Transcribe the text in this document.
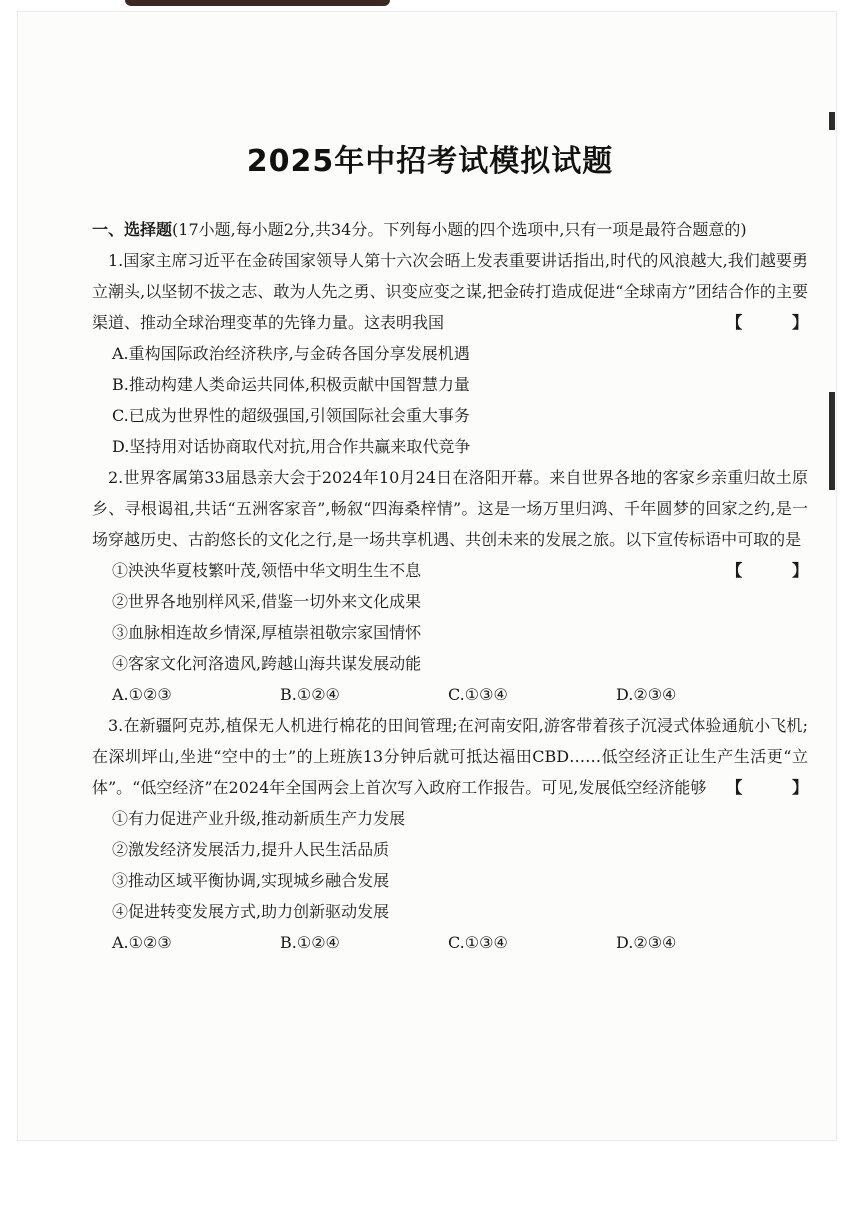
2025年中招考试模拟试题

一、选择题(17小题,每小题2分,共34分。下列每小题的四个选项中,只有一项是最符合题意的)

1.国家主席习近平在金砖国家领导人第十六次会晤上发表重要讲话指出,时代的风浪越大,我们越要勇立潮头,以坚韧不拔之志、敢为人先之勇、识变应变之谋,把金砖打造成促进“全球南方”团结合作的主要渠道、推动全球治理变革的先锋力量。这表明我国	【 】

A.重构国际政治经济秩序,与金砖各国分享发展机遇

B.推动构建人类命运共同体,积极贡献中国智慧力量

C.已成为世界性的超级强国,引领国际社会重大事务

D.坚持用对话协商取代对抗,用合作共赢来取代竞争

2.世界客属第33届恳亲大会于2024年10月24日在洛阳开幕。来自世界各地的客家乡亲重归故土原乡、寻根谒祖,共话“五洲客家音”,畅叙“四海桑梓情”。这是一场万里归鸿、千年圆梦的回家之约,是一场穿越历史、古韵悠长的文化之行,是一场共享机遇、共创未来的发展之旅。以下宣传标语中可取的是
【 】

①泱泱华夏枝繁叶茂,领悟中华文明生生不息

②世界各地别样风采,借鉴一切外来文化成果

③血脉相连故乡情深,厚植崇祖敬宗家国情怀

④客家文化河洛遗风,跨越山海共谋发展动能

A.①②③	B.①②④	C.①③④	D.②③④

3.在新疆阿克苏,植保无人机进行棉花的田间管理;在河南安阳,游客带着孩子沉浸式体验通航小飞机;在深圳坪山,坐进“空中的士”的上班族13分钟后就可抵达福田CBD……低空经济正让生产生活更“立体”。“低空经济”在2024年全国两会上首次写入政府工作报告。可见,发展低空经济能够	【 】

①有力促进产业升级,推动新质生产力发展

②激发经济发展活力,提升人民生活品质

③推动区域平衡协调,实现城乡融合发展

④促进转变发展方式,助力创新驱动发展

A.①②③	B.①②④	C.①③④	D.②③④
